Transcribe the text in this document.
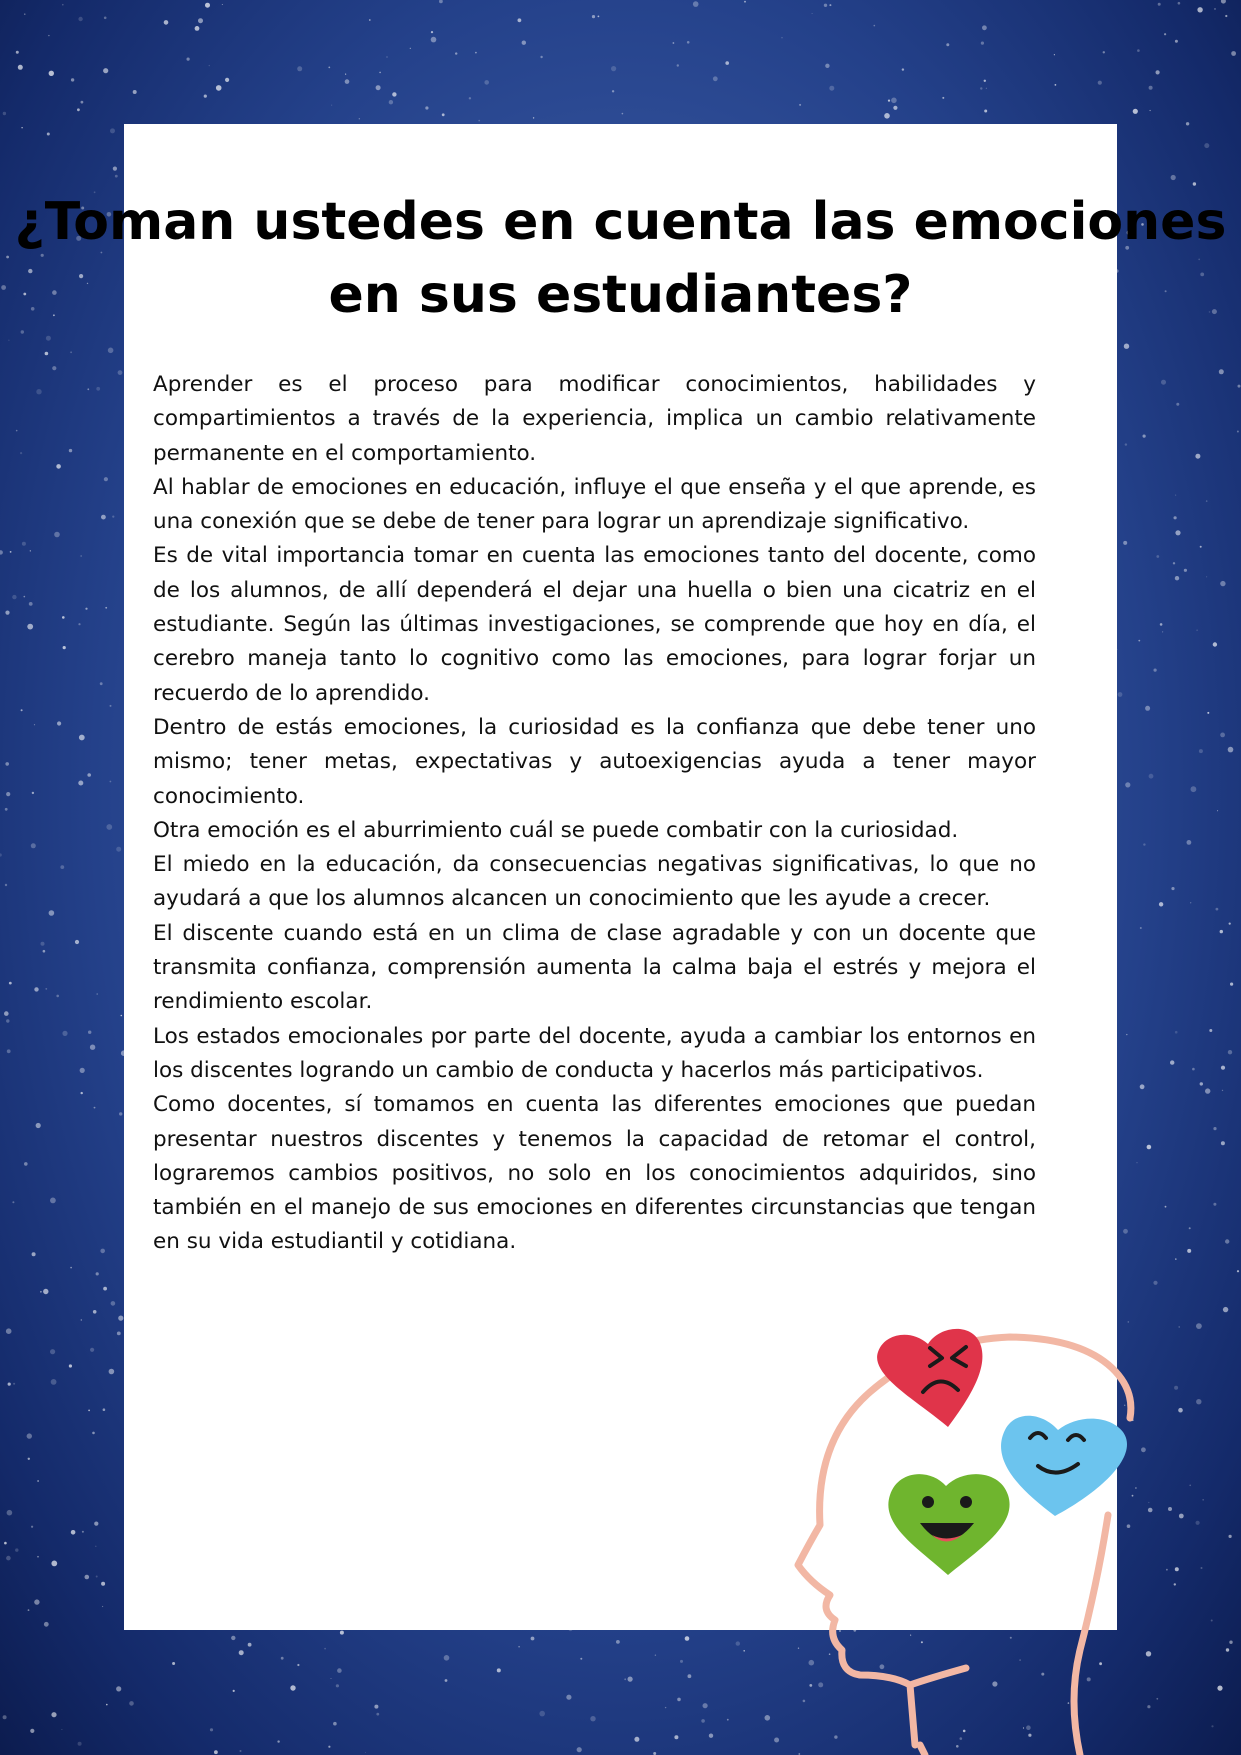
¿Toman ustedes en cuenta las emociones en sus estudiantes?

Aprender es el proceso para modificar conocimientos, habilidades y compartimientos a través de la experiencia, implica un cambio relativamente permanente en el comportamiento.

Al hablar de emociones en educación, influye el que enseña y el que aprende, es una conexión que se debe de tener para lograr un aprendizaje significativo.

Es de vital importancia tomar en cuenta las emociones tanto del docente, como de los alumnos, de allí dependerá el dejar una huella o bien una cicatriz en el estudiante. Según las últimas investigaciones, se comprende que hoy en día, el cerebro maneja tanto lo cognitivo como las emociones, para lograr forjar un recuerdo de lo aprendido.

Dentro de estás emociones, la curiosidad es la confianza que debe tener uno mismo; tener metas, expectativas y autoexigencias ayuda a tener mayor conocimiento.

Otra emoción es el aburrimiento cuál se puede combatir con la curiosidad.

El miedo en la educación, da consecuencias negativas significativas, lo que no ayudará a que los alumnos alcancen un conocimiento que les ayude a crecer.

El discente cuando está en un clima de clase agradable y con un docente que transmita confianza, comprensión aumenta la calma baja el estrés y mejora el rendimiento escolar.

Los estados emocionales por parte del docente, ayuda a cambiar los entornos en los discentes logrando un cambio de conducta y hacerlos más participativos.

Como docentes, sí tomamos en cuenta las diferentes emociones que puedan presentar nuestros discentes y tenemos la capacidad de retomar el control, lograremos cambios positivos, no solo en los conocimientos adquiridos, sino también en el manejo de sus emociones en diferentes circunstancias que tengan en su vida estudiantil y cotidiana.
